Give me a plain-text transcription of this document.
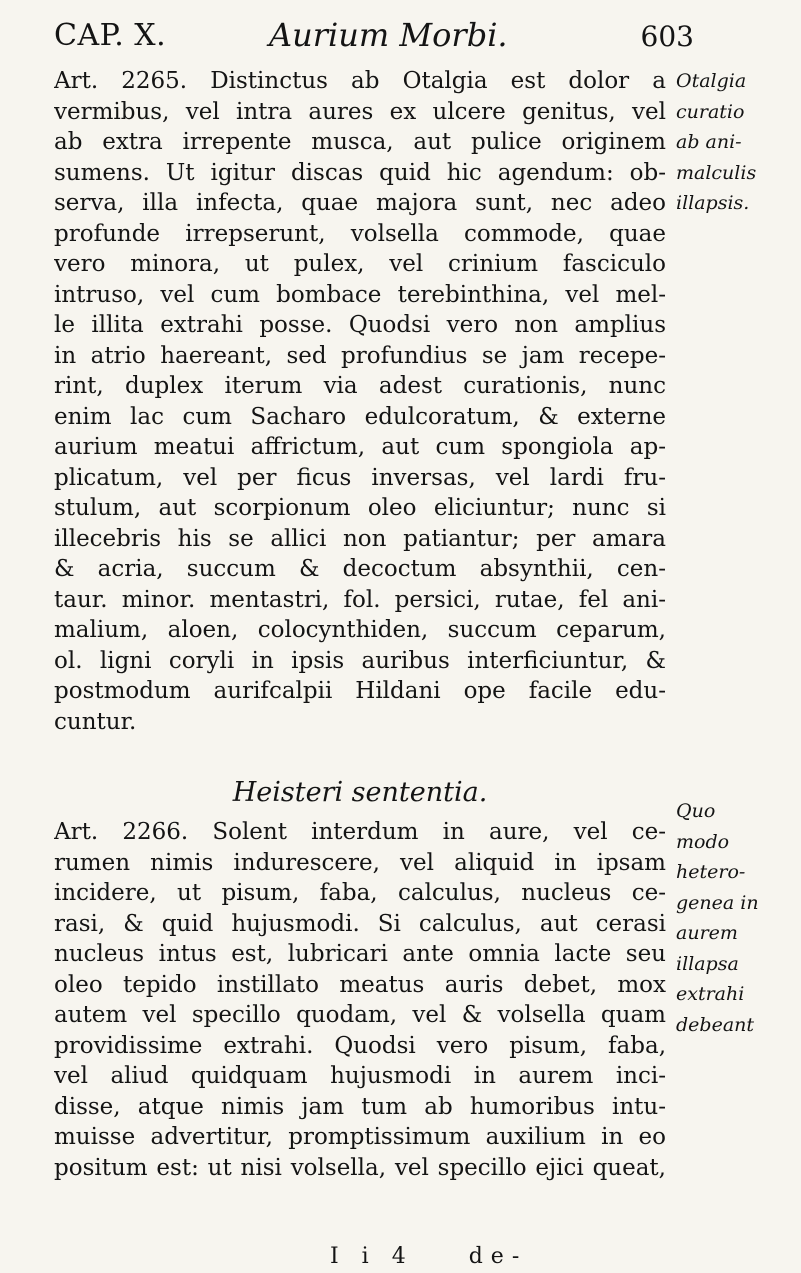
CAP. X.	Aurium Morbi.	603
Art. 2265. Distinctus ab Otalgia est dolor a
vermibus, vel intra aures ex ulcere genitus, vel
ab extra irrepente musca, aut pulice originem
sumens. Ut igitur discas quid hic agendum: ob-
serva, illa infecta, quae majora sunt, nec adeo
profunde irrepserunt, volsella commode, quae
vero minora, ut pulex, vel crinium fasciculo
intruso, vel cum bombace terebinthina, vel mel-
le illita extrahi posse. Quodsi vero non amplius
in atrio haereant, sed profundius se jam recepe-
rint, duplex iterum via adest curationis, nunc
enim lac cum Sacharo edulcoratum, & externe
aurium meatui affrictum, aut cum spongiola ap-
plicatum, vel per ficus inversas, vel lardi fru-
stulum, aut scorpionum oleo eliciuntur; nunc si
illecebris his se allici non patiantur; per amara
& acria, succum & decoctum absynthii, cen-
taur. minor. mentastri, fol. persici, rutae, fel ani-
malium, aloen, colocynthiden, succum ceparum,
ol. ligni coryli in ipsis auribus interficiuntur, &
postmodum aurifcalpii Hildani ope facile edu-
cuntur.
Heisteri sententia.
Art. 2266. Solent interdum in aure, vel ce-
rumen nimis indurescere, vel aliquid in ipsam
incidere, ut pisum, faba, calculus, nucleus ce-
rasi, & quid hujusmodi. Si calculus, aut cerasi
nucleus intus est, lubricari ante omnia lacte seu
oleo tepido instillato meatus auris debet, mox
autem vel specillo quodam, vel & volsella quam
providissime extrahi. Quodsi vero pisum, faba,
vel aliud quidquam hujusmodi in aurem inci-
disse, atque nimis jam tum ab humoribus intu-
muisse advertitur, promptissimum auxilium in eo
positum est: ut nisi volsella, vel specillo ejici queat,
Otalgia
curatio
ab ani-
malculis
illapsis.
Quo
modo
hetero-
genea in
aurem
illapsa
extrahi
debeant
I i 4	de-
